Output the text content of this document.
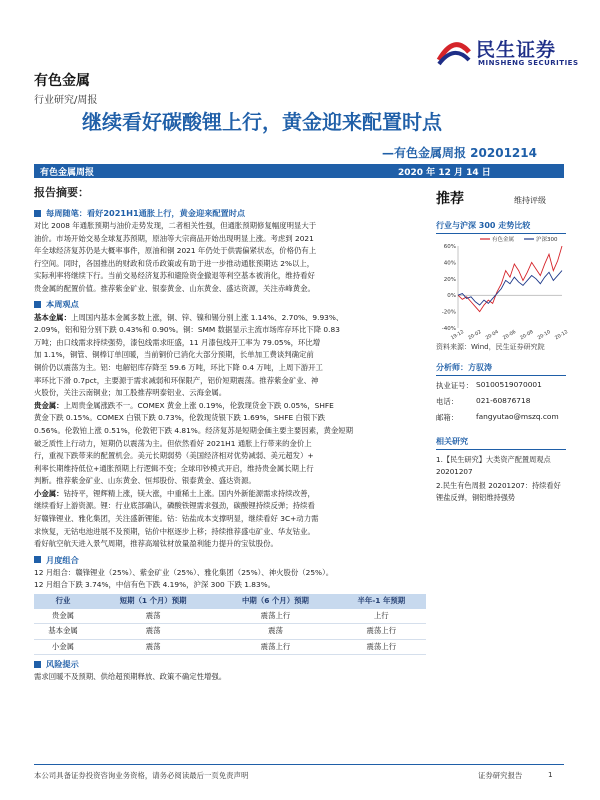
民生证券
MINSHENG SECURITIES
有色金属
行业研究/周报
继续看好碳酸锂上行，黄金迎来配置时点
—有色金属周报 20201214
有色金属周报	2020 年 12 月 14 日
报告摘要：
每周随笔：看好2021H1通胀上行，黄金迎来配置时点

对比 2008 年通胀预期与油价走势发现，二者相关性强，但通胀预期修复幅度明显大于
油价。市场开始交易全球复苏预期，原油等大宗商品开始出现明显上涨。考虑到 2021
年全球经济复苏仍是大概率事件，原油和铜 2021 年仍处于供需偏紧状态，价格仍有上
行空间。同时，各国推出的财政和货币政策或有助于进一步推动通胀预期达 2%以上，
实际利率将继续下行。当前交易经济复苏和避险资金撤退等利空基本被消化，维持看好
贵金属的配置价值。推荐紫金矿业、银泰黄金、山东黄金、盛达资源，关注赤峰黄金。

本周观点

基本金属：上周国内基本金属多数上涨，铜、锌、镍和锡分别上涨 1.14%、2.70%、9.93%、
2.09%，铝和铅分别下跌 0.43%和 0.90%。铜：SMM 数据显示主流市场库存环比下降 0.83
万吨；由口线需求持续强势，漆包线需求旺盛，11 月漆包线开工率为 79.05%，环比增
加 1.1%，铜管、铜棒订单回暖，当前铜价已消化大部分预期，长单加工费谈判确定前
铜价仍以震荡为主。铝：电解铝库存降至 59.6 万吨，环比下降 0.4 万吨，上周下游开工
率环比下滑 0.7pct，主要源于需求减弱和环保限产，铝价短期震荡。推荐紫金矿业、神
火股份，关注云南铜业；加工股推荐明泰铝业、云海金属。

贵金属：上周贵金属涨跌不一。COMEX 黄金上涨 0.19%，伦敦现货金下跌 0.05%，SHFE
黄金下跌 0.15%。COMEX 白银下跌 0.73%，伦敦现货银下跌 1.69%，SHFE 白银下跌
0.56%。伦敦铂上涨 0.51%，伦敦钯下跌 4.81%。经济复苏是短期金価主要主要因素，黄金短期
破乏质性上行动力，短期仍以震荡为主。但依然看好 2021H1 通胀上行带来的金价上
行，重视下跌带来的配置机会。美元长期弱势（美国经济相对优势减弱、美元超发）+
利率长期维持低位+通胀预期上行逻辑不变；全球印钞模式开启，维持贵金属长期上行
判断。推荐紫金矿业、山东黄金、恒邦股份、银泰黄金、盛达资源。

小金属：钴持平，锂辉精上涨，镁大涨，中重稀土上涨。国内外新能源需求持续改善，
继续看好上游资源。锂：行业底部确认，磷酸铁锂需求强劲，碳酸锂持续反弹；持续看
好赣锋锂业、雅化集团，关注盛新锂能。钴：钴盐成本支撑明显，继续看好 3C+动力需
求恢复，无钴电池进展不及预期，钴价中枢逐步上移；持续推荐盛屯矿业、华友钴业。
看好航空航天进入景气周期，推荐高端钛材放量盈利能力提升的宝钛股份。

月度组合

12 月组合：赣锋锂业（25%）、紫金矿业（25%）、雅化集团（25%）、神火股份（25%）。
12 月组合下跌 3.74%，中信有色下跌 4.19%，沪深 300 下跌 1.83%。

行业	短期（1 个月）预期	中期（6 个月）预期	半年-1 年预期
贵金属	震荡	震荡上行	上行
基本金属	震荡	震荡	震荡上行
小金属	震荡	震荡上行	震荡上行
风险提示

需求回暖不及预期、供给超预期释放、政策不确定性增强。

推荐	维持评级
行业与沪深 300 走势比较
60%
40%
20%
0%
-20%
-40%
19-12 20-02 20-04 20-06 20-08 20-10 20-12
有色金属	沪深300
资料来源：Wind，民生证券研究院
分析师：方驭涛
执业证号： S0100519070001
电话：	021-60876718
邮箱：	fangyutao@mszq.com
相关研究
1.【民生研究】大类资产配置周观点 20201207
2.民生有色周报 20201207：持续看好锂盐反弹，铜铝维持强势
本公司具备证券投资咨询业务资格，请务必阅读最后一页免责声明	证券研究报告	1
